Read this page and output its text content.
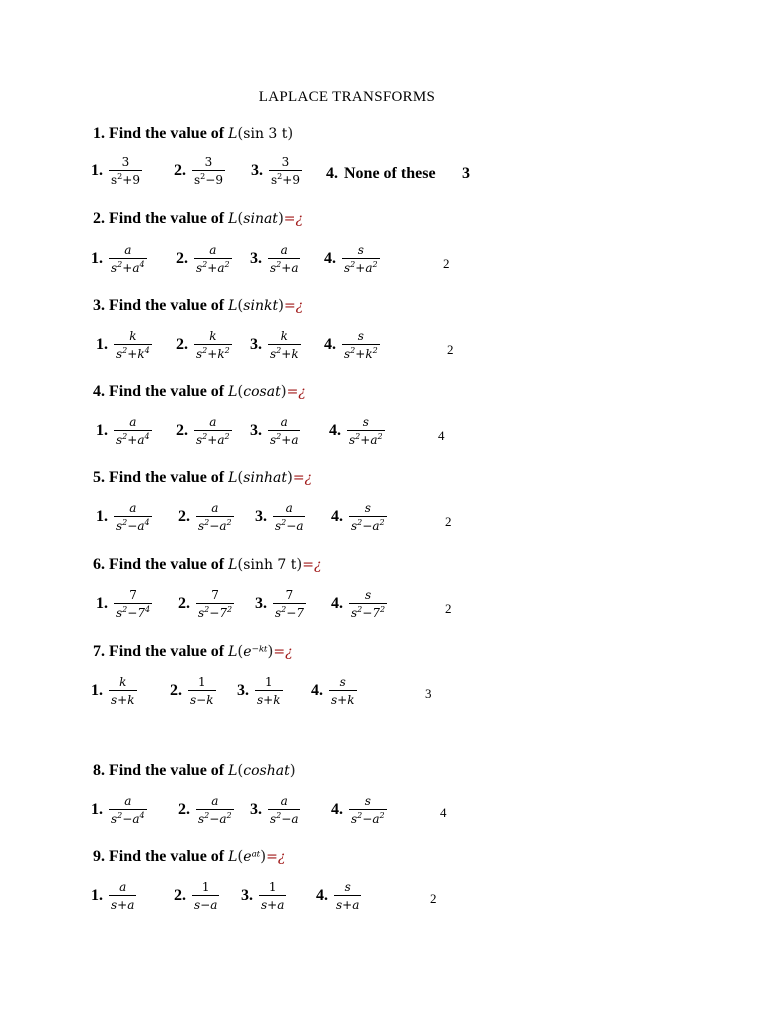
LAPLACE TRANSFORMS
1. Find the value of L(sin 3 t)
1. $\frac{3}{s^2+9} 2$. $\frac{3}{s^2-9} 3$. $\frac{3}{s^2+9} 4$. None of these 3
2. Find the value of L(sinat)=¿
1. $\frac{a}{s^2+a^4} 2$. $\frac{a}{s^2+a^2} 3$. $\frac{a}{s^2+a} 4$. $\frac{s}{s^2+a^2}$	2
3. Find the value of L(sinkt)=¿
1. $\frac{k}{s^2+k^4} 2$. $\frac{k}{s^2+k^2} 3$. $\frac{k}{s^2+k} 4$. $\frac{s}{s^2+k^2}$	2
4. Find the value of L(cosat)=¿
1. $\frac{a}{s^2+a^4} 2$. $\frac{a}{s^2+a^2} 3$. $\frac{a}{s^2+a} 4$. $\frac{s}{s^2+a^2}$	4
5. Find the value of L(sinhat)=¿
1. $\frac{a}{s^2-a^4} 2$. $\frac{a}{s^2-a^2} 3$. $\frac{a}{s^2-a} 4$. $\frac{s}{s^2-a^2}$	2
6. Find the value of L(sinh 7 t)=¿
1. $\frac{7}{s^2-7^4} 2$. $\frac{7}{s^2-7^2} 3$. $\frac{7}{s^2-7} 4$. $\frac{s}{s^2-7^2}$	2
7. Find the value of L(e⁻ᵏᵗ)=¿
1. $\frac{k}{s+k} 2$. $\frac{1}{s-k} 3$. $\frac{1}{s+k} 4$. $\frac{s}{s+k}$	3
8. Find the value of L(coshat)
1. $\frac{a}{s^2-a^4} 2$. $\frac{a}{s^2-a^2} 3$. $\frac{a}{s^2-a} 4$. $\frac{s}{s^2-a^2}$	4
9. Find the value of L(eᵃᵗ)=¿
1. $\frac{a}{s+a} 2$. $\frac{1}{s-a} 3$. $\frac{1}{s+a} 4$. $\frac{s}{s+a}$	2
